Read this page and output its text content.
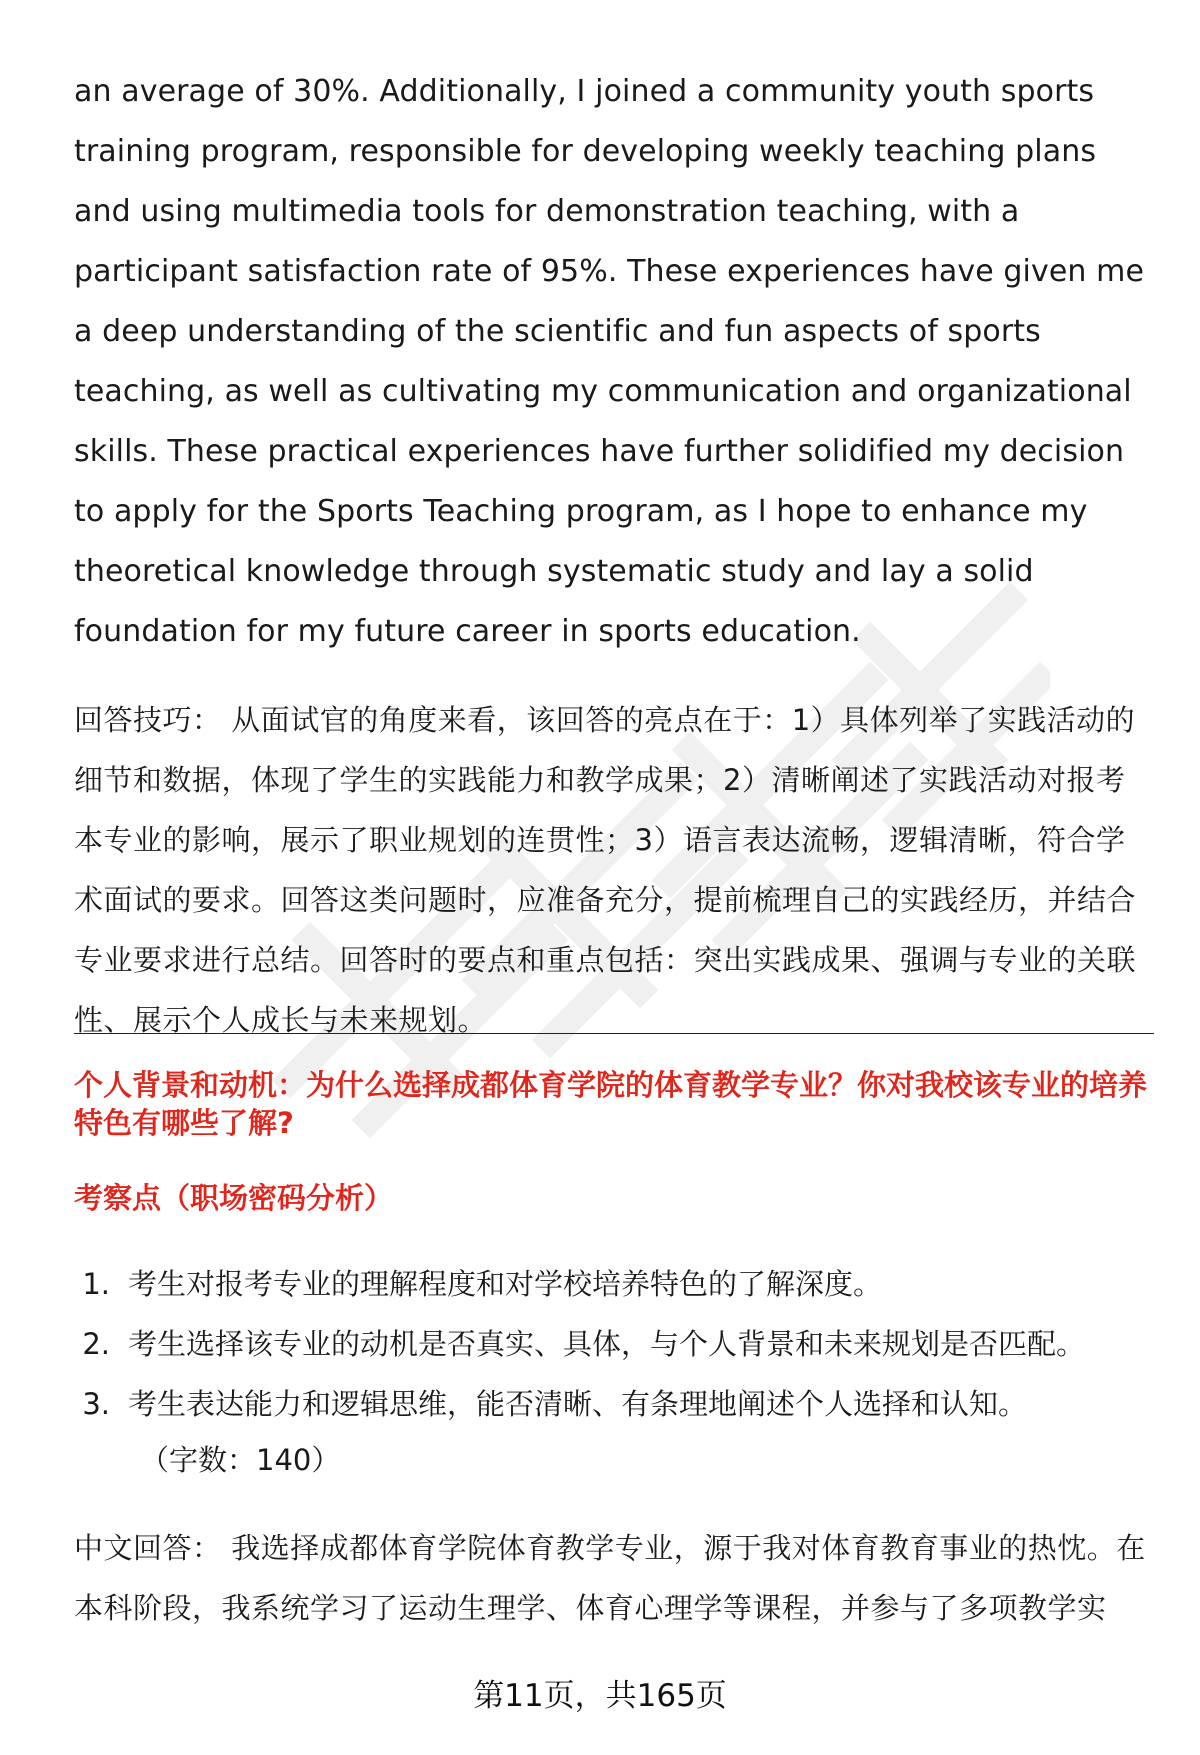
an average of 30%. Additionally, I joined a community youth sports training program, responsible for developing weekly teaching plans and using multimedia tools for demonstration teaching, with a participant satisfaction rate of 95%. These experiences have given me a deep understanding of the scientific and fun aspects of sports teaching, as well as cultivating my communication and organizational skills. These practical experiences have further solidified my decision to apply for the Sports Teaching program, as I hope to enhance my theoretical knowledge through systematic study and lay a solid foundation for my future career in sports education.

回答技巧： 从面试官的角度来看，该回答的亮点在于：1）具体列举了实践活动的细节和数据，体现了学生的实践能力和教学成果；2）清晰阐述了实践活动对报考本专业的影响，展示了职业规划的连贯性；3）语言表达流畅，逻辑清晰，符合学术面试的要求。回答这类问题时，应准备充分，提前梳理自己的实践经历，并结合专业要求进行总结。回答时的要点和重点包括：突出实践成果、强调与专业的关联性、展示个人成长与未来规划。

个人背景和动机：为什么选择成都体育学院的体育教学专业？你对我校该专业的培养特色有哪些了解?

考察点（职场密码分析）

1. 考生对报考专业的理解程度和对学校培养特色的了解深度。
2. 考生选择该专业的动机是否真实、具体，与个人背景和未来规划是否匹配。
3. 考生表达能力和逻辑思维，能否清晰、有条理地阐述个人选择和认知。

（字数：140）

中文回答： 我选择成都体育学院体育教学专业，源于我对体育教育事业的热忱。在本科阶段，我系统学习了运动生理学、体育心理学等课程，并参与了多项教学实

第11页，共165页
